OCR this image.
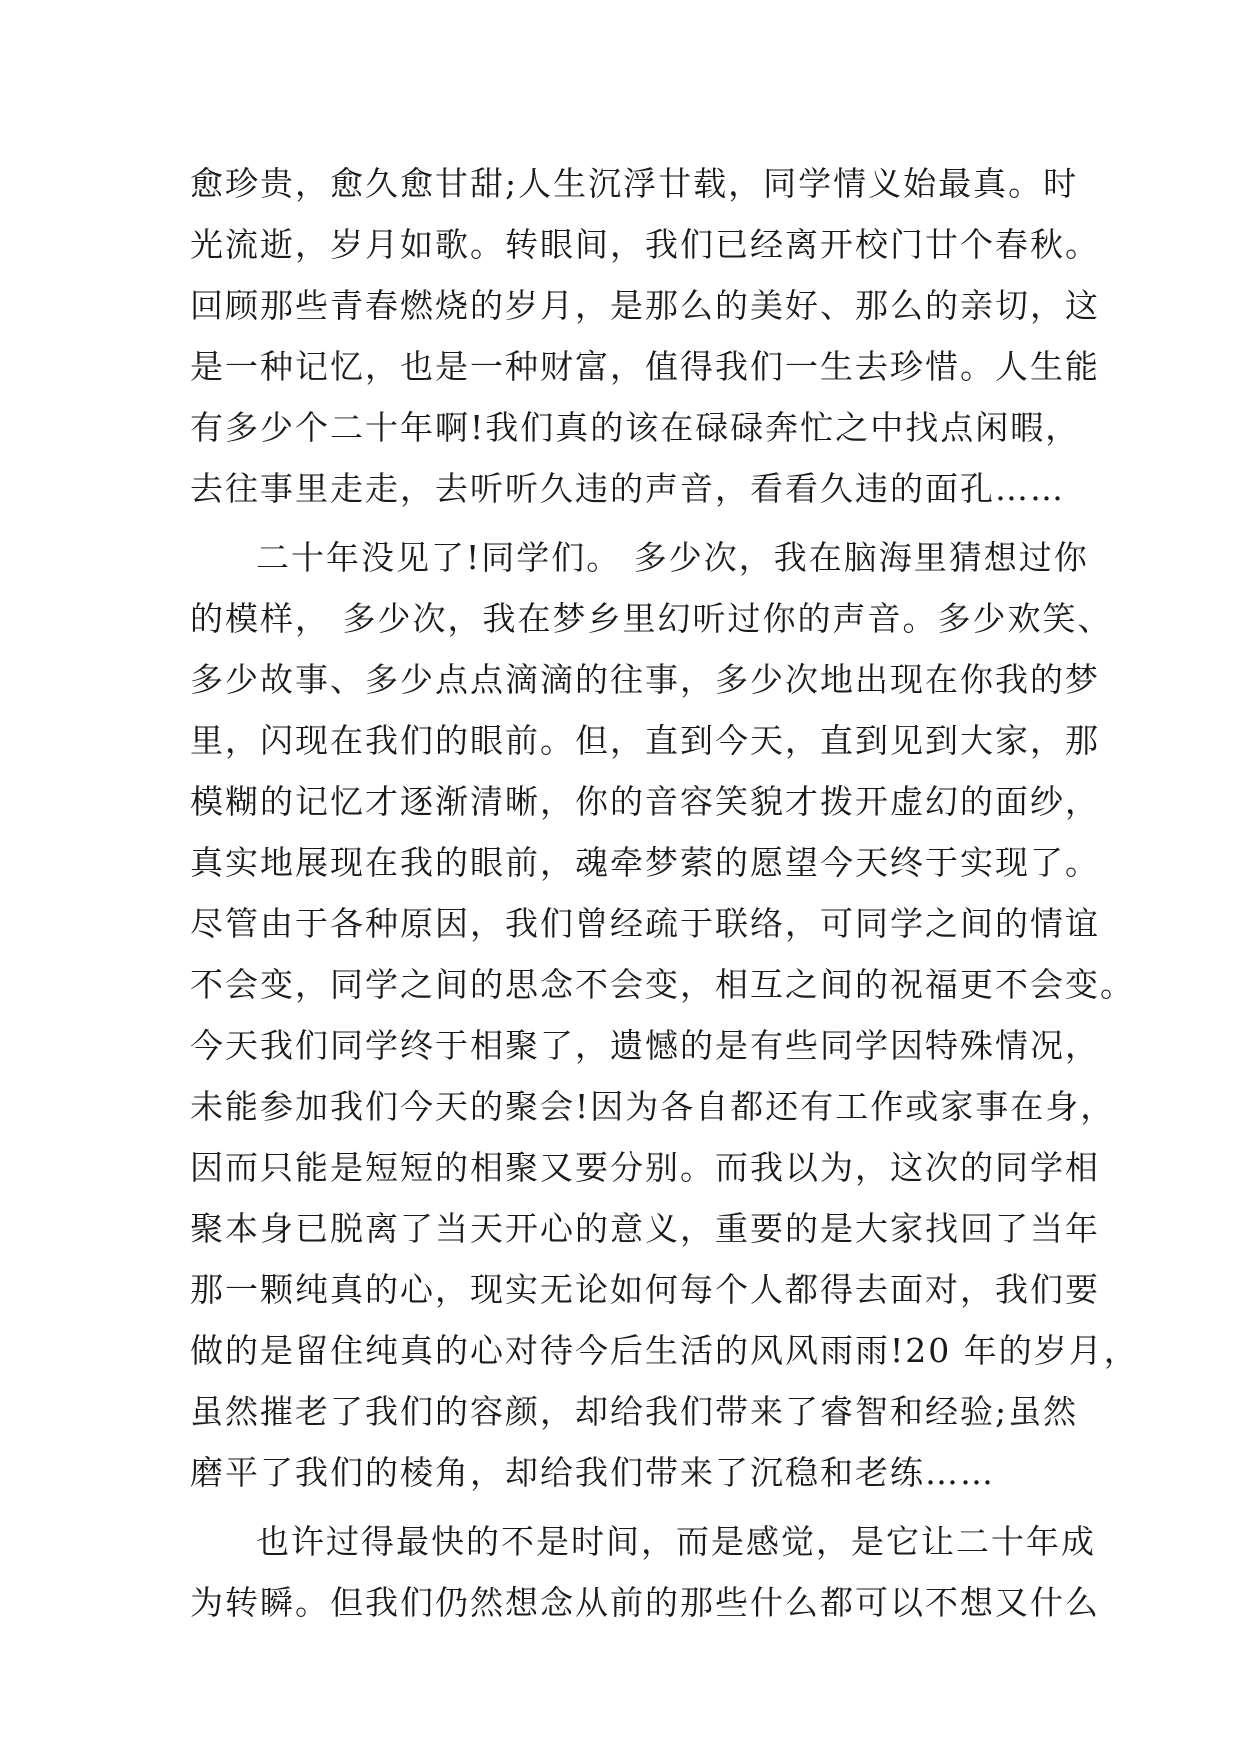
愈珍贵，愈久愈甘甜;人生沉浮廿载，同学情义始最真。时
光流逝，岁月如歌。转眼间，我们已经离开校门廿个春秋。
回顾那些青春燃烧的岁月，是那么的美好、那么的亲切，这
是一种记忆，也是一种财富，值得我们一生去珍惜。人生能
有多少个二十年啊!我们真的该在碌碌奔忙之中找点闲暇，
去往事里走走，去听听久违的声音，看看久违的面孔……
二十年没见了!同学们。 多少次，我在脑海里猜想过你
的模样， 多少次，我在梦乡里幻听过你的声音。多少欢笑、
多少故事、多少点点滴滴的往事，多少次地出现在你我的梦
里，闪现在我们的眼前。但，直到今天，直到见到大家，那
模糊的记忆才逐渐清晰，你的音容笑貌才拨开虚幻的面纱，
真实地展现在我的眼前，魂牵梦萦的愿望今天终于实现了。
尽管由于各种原因，我们曾经疏于联络，可同学之间的情谊
不会变，同学之间的思念不会变，相互之间的祝福更不会变。
今天我们同学终于相聚了，遗憾的是有些同学因特殊情况，
未能参加我们今天的聚会!因为各自都还有工作或家事在身，
因而只能是短短的相聚又要分别。而我以为，这次的同学相
聚本身已脱离了当天开心的意义，重要的是大家找回了当年
那一颗纯真的心，现实无论如何每个人都得去面对，我们要
做的是留住纯真的心对待今后生活的风风雨雨!20 年的岁月，
虽然摧老了我们的容颜，却给我们带来了睿智和经验;虽然
磨平了我们的棱角，却给我们带来了沉稳和老练……
也许过得最快的不是时间，而是感觉，是它让二十年成
为转瞬。但我们仍然想念从前的那些什么都可以不想又什么
